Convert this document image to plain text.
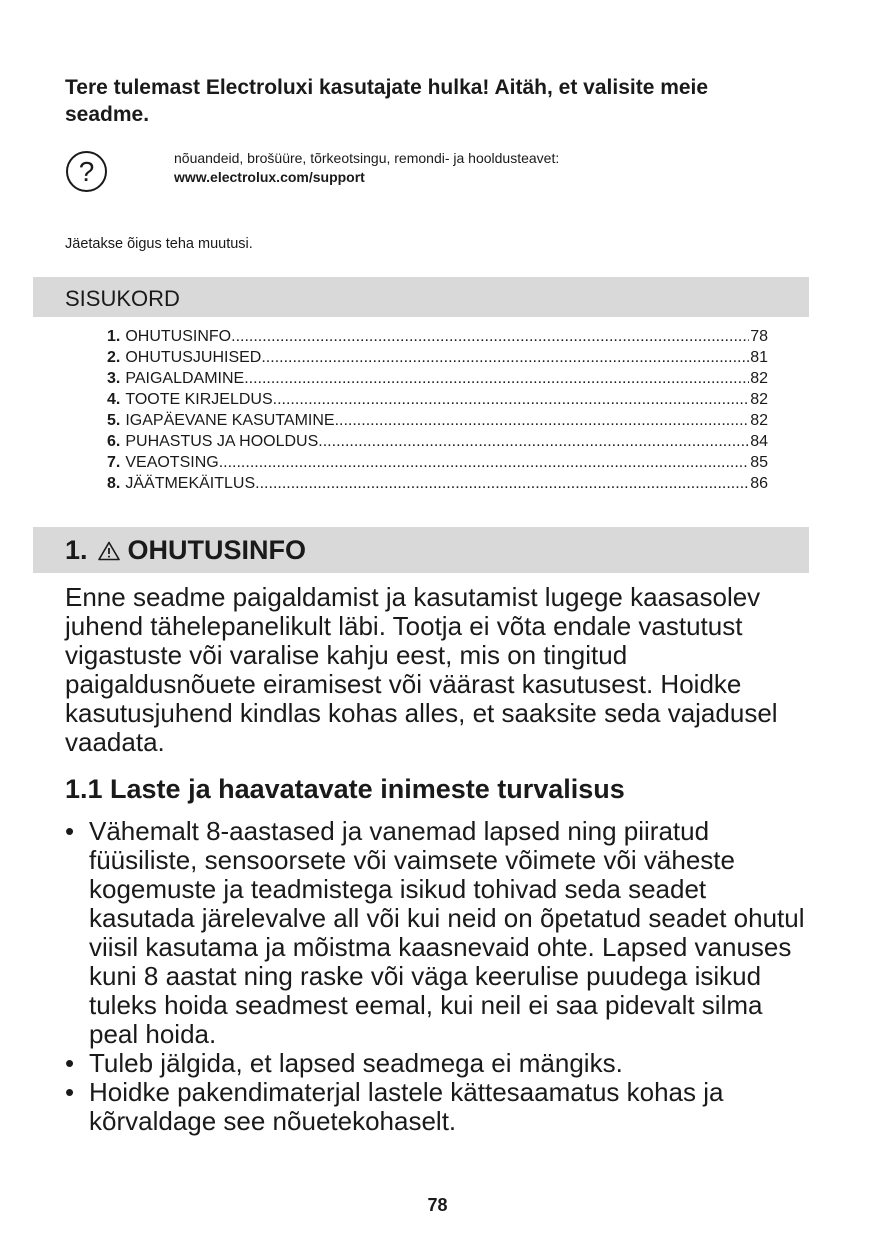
Tere tulemast Electroluxi kasutajate hulka! Aitäh, et valisite meie seadme.
?	nõuandeid, brošüüre, tõrkeotsingu, remondi- ja hooldusteavet:
www.electrolux.com/support
Jäetakse õigus teha muutusi.
SISUKORD
1. OHUTUSINFO .....	78
2. OHUTUSJUHISED .....	81
3. PAIGALDAMINE .....	82
4. TOOTE KIRJELDUS .....	82
5. IGAPÄEVANE KASUTAMINE .....	82
6. PUHASTUS JA HOOLDUS .....	84
7. VEAOTSING .....	85
8. JÄÄTMEKÄITLUS .....	86
1. OHUTUSINFO

Enne seadme paigaldamist ja kasutamist lugege kaasasolev juhend tähelepanelikult läbi. Tootja ei võta endale vastutust vigastuste või varalise kahju eest, mis on tingitud paigaldusnõuete eiramisest või väärast kasutusest. Hoidke kasutusjuhend kindlas kohas alles, et saaksite seda vajadusel vaadata.

1.1 Laste ja haavatavate inimeste turvalisus
• Vähemalt 8-aastased ja vanemad lapsed ning piiratud füüsiliste, sensoorsete või vaimsete võimete või väheste kogemuste ja teadmistega isikud tohivad seda seadet kasutada järelevalve all või kui neid on õpetatud seadet ohutul viisil kasutama ja mõistma kaasnevaid ohte. Lapsed vanuses kuni 8 aastat ning raske või väga keerulise puudega isikud tuleks hoida seadmest eemal, kui neil ei saa pidevalt silma peal hoida.
• Tuleb jälgida, et lapsed seadmega ei mängiks.
• Hoidke pakendimaterjal lastele kättesaamatus kohas ja kõrvaldage see nõuetekohaselt.
78
